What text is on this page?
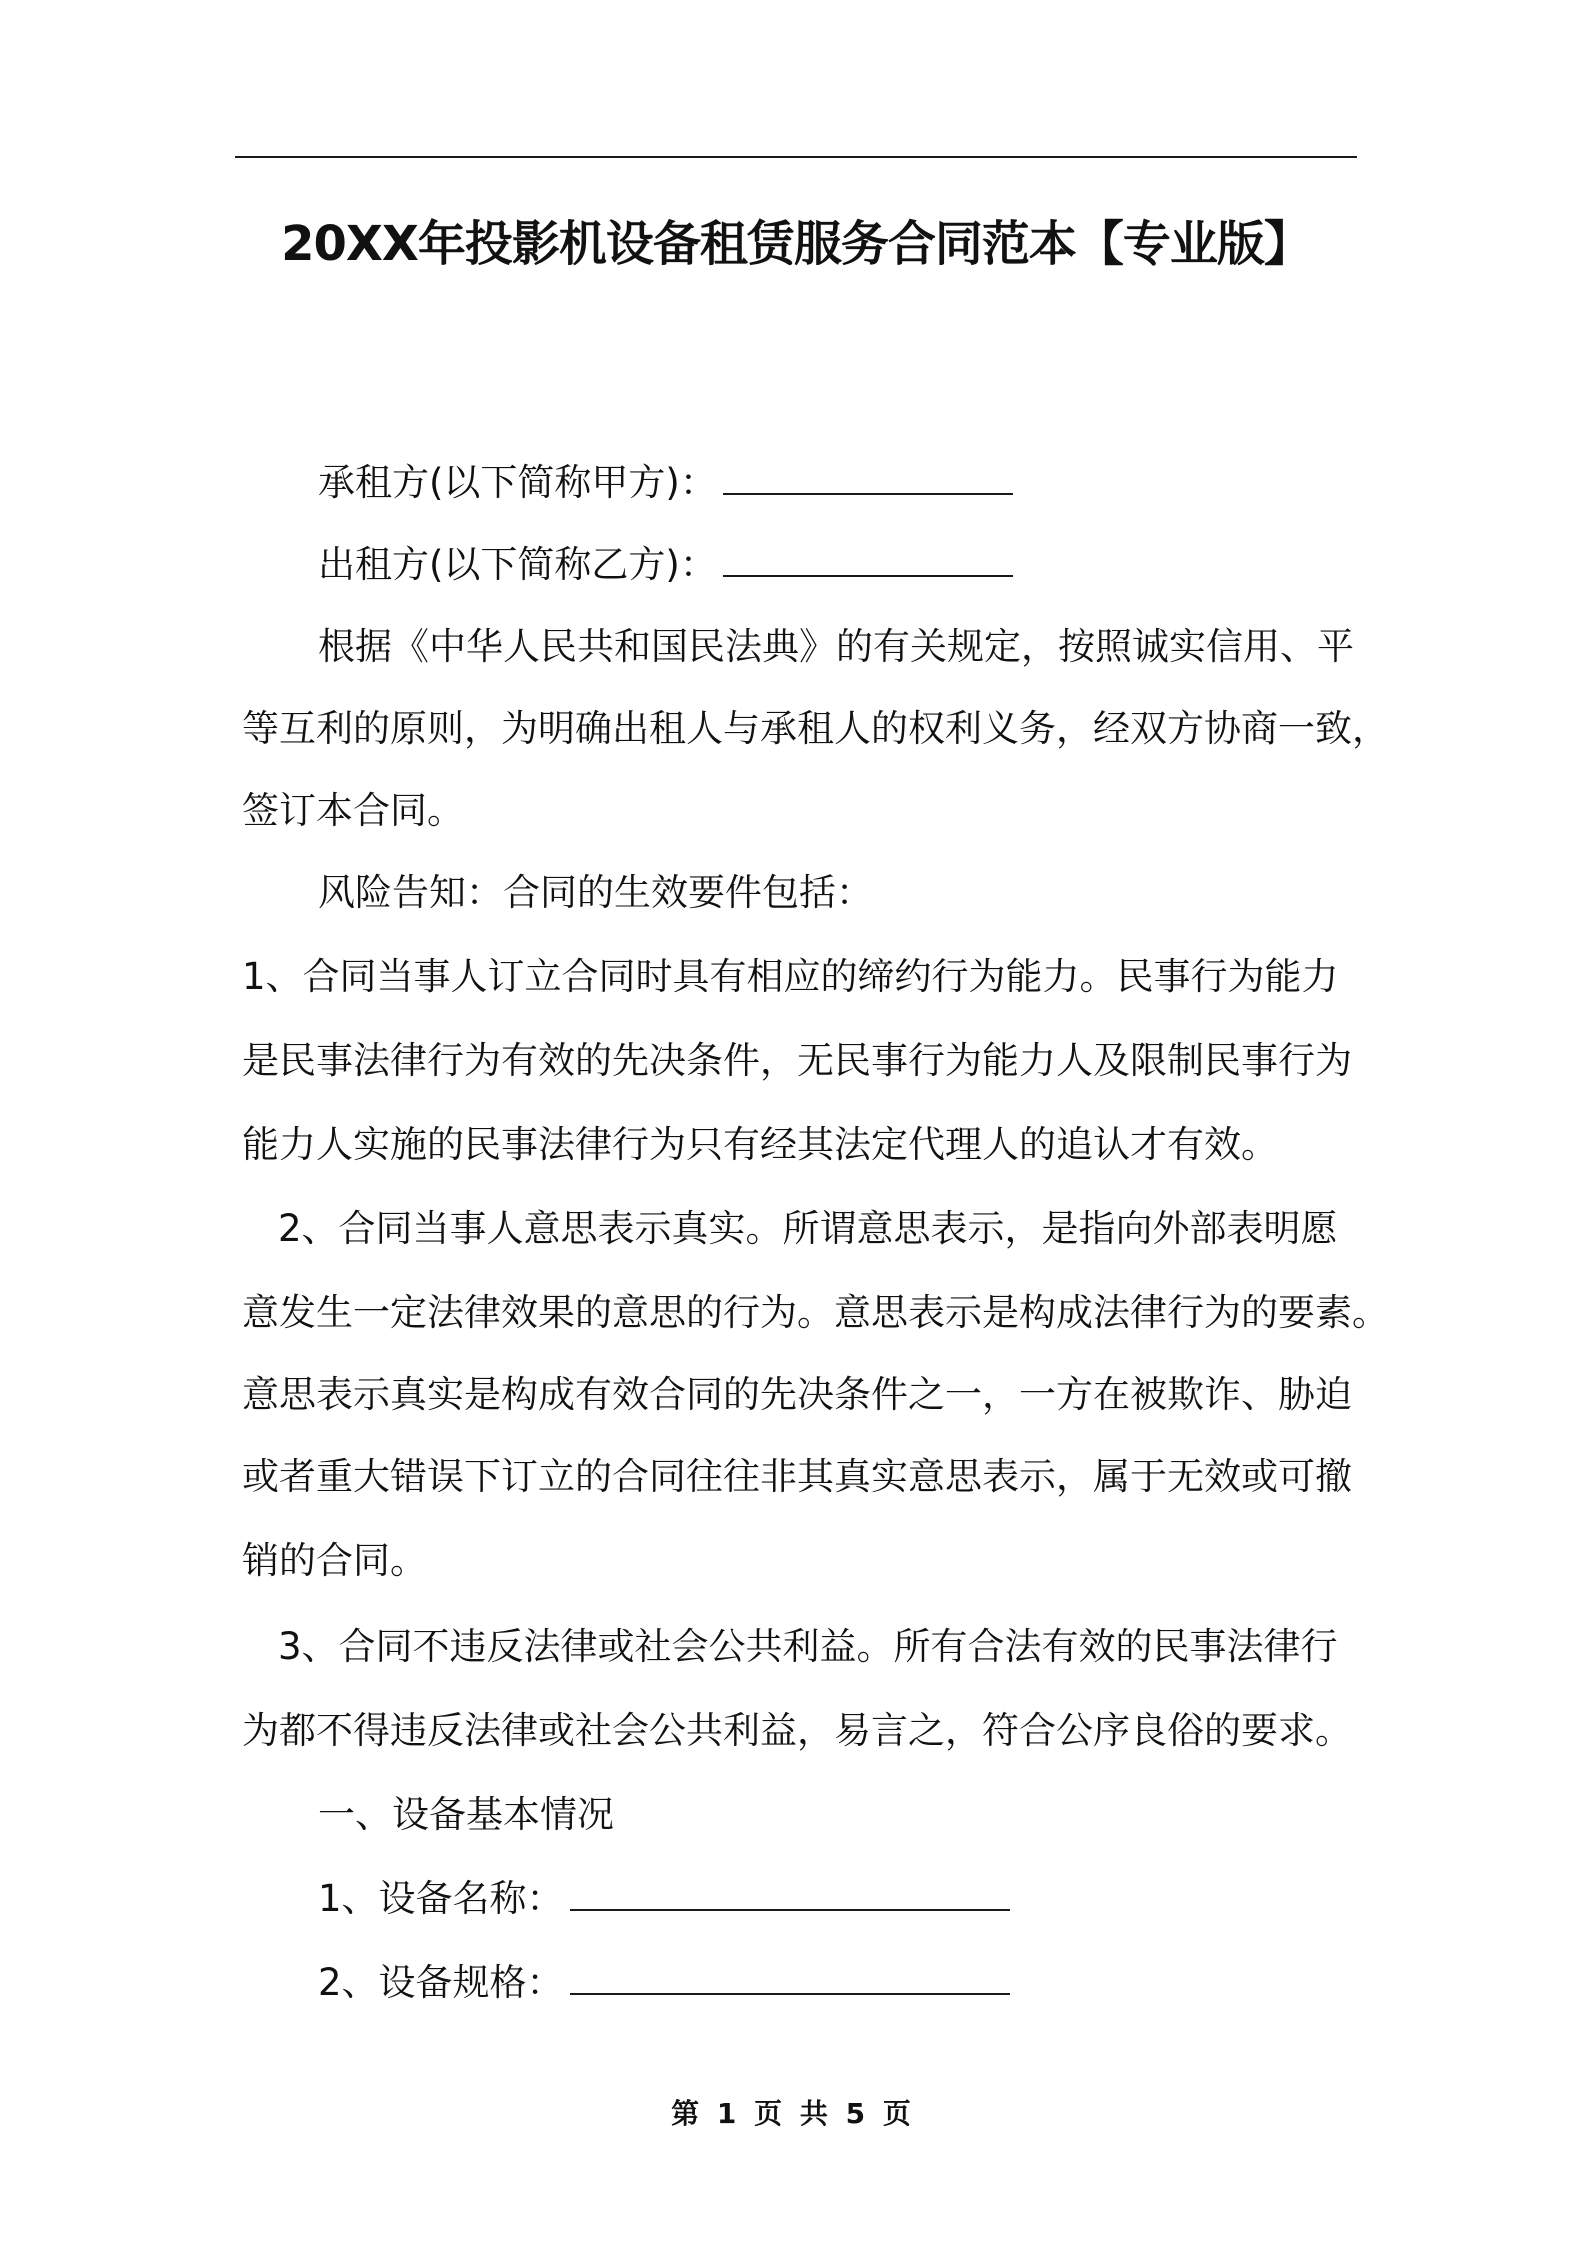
20XX年投影机设备租赁服务合同范本【专业版】

承租方(以下简称甲方)：

出租方(以下简称乙方)：

根据《中华人民共和国民法典》的有关规定，按照诚实信用、平

等互利的原则，为明确出租人与承租人的权利义务，经双方协商一致，

签订本合同。

风险告知：合同的生效要件包括：

1、合同当事人订立合同时具有相应的缔约行为能力。民事行为能力

是民事法律行为有效的先决条件，无民事行为能力人及限制民事行为

能力人实施的民事法律行为只有经其法定代理人的追认才有效。

2、合同当事人意思表示真实。所谓意思表示，是指向外部表明愿

意发生一定法律效果的意思的行为。意思表示是构成法律行为的要素。

意思表示真实是构成有效合同的先决条件之一，一方在被欺诈、胁迫

或者重大错误下订立的合同往往非其真实意思表示，属于无效或可撤

销的合同。

3、合同不违反法律或社会公共利益。所有合法有效的民事法律行

为都不得违反法律或社会公共利益，易言之，符合公序良俗的要求。

一、设备基本情况

1、设备名称：

2、设备规格：

第 1 页 共 5 页
